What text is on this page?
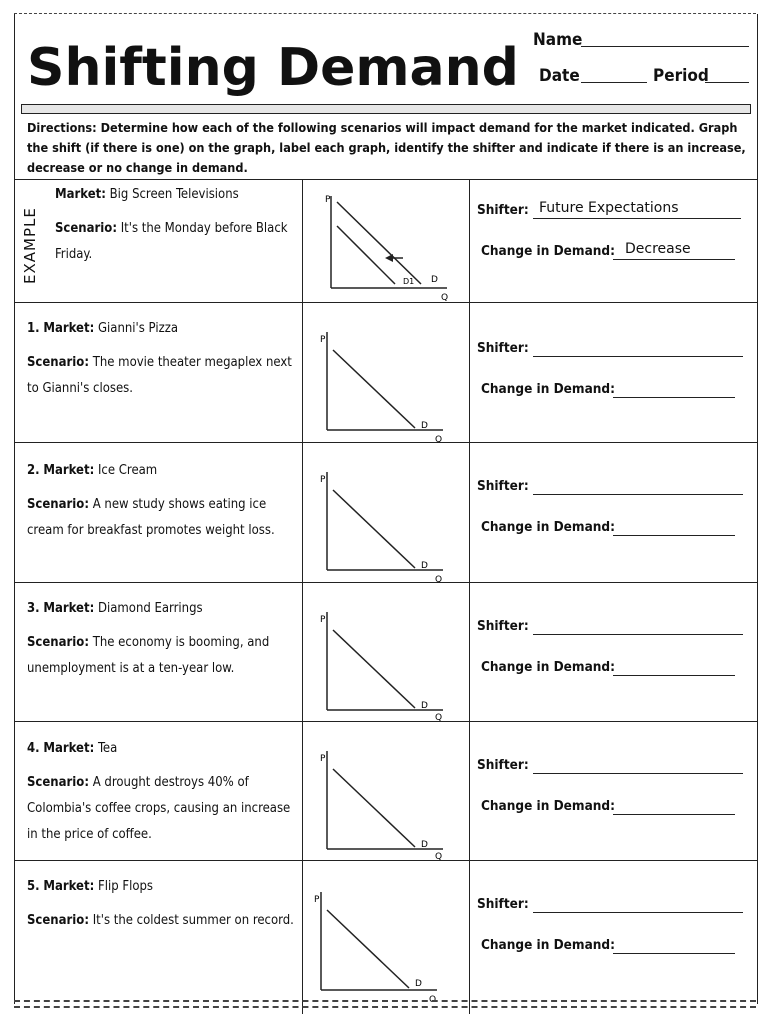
Shifting Demand Name
Date	Period
Directions: Determine how each of the following scenarios will impact demand for the market indicated. Graph the shift (if there is one) on the graph, label each graph, identify the shifter and indicate if there is an increase, decrease or no change in demand.
EXAMPLE
Market: Big Screen Televisions
Scenario: It's the Monday before Black Friday.
P
Q
D
D1
Shifter: Future Expectations
Change in Demand: Decrease
1. Market: Gianni's Pizza
Scenario: The movie theater megaplex next to Gianni's closes.
P
Q
D
Shifter:
Change in Demand:
2. Market: Ice Cream
Scenario: A new study shows eating ice cream for breakfast promotes weight loss.
P
Q
D
Shifter:
Change in Demand:
3. Market: Diamond Earrings
Scenario: The economy is booming, and unemployment is at a ten-year low.
P
Q
D
Shifter:
Change in Demand:
4. Market: Tea
Scenario: A drought destroys 40% of Colombia's coffee crops, causing an increase in the price of coffee.
P
Q
D
Shifter:
Change in Demand:
5. Market: Flip Flops
Scenario: It's the coldest summer on record.
P
Q
D
Shifter:
Change in Demand:
